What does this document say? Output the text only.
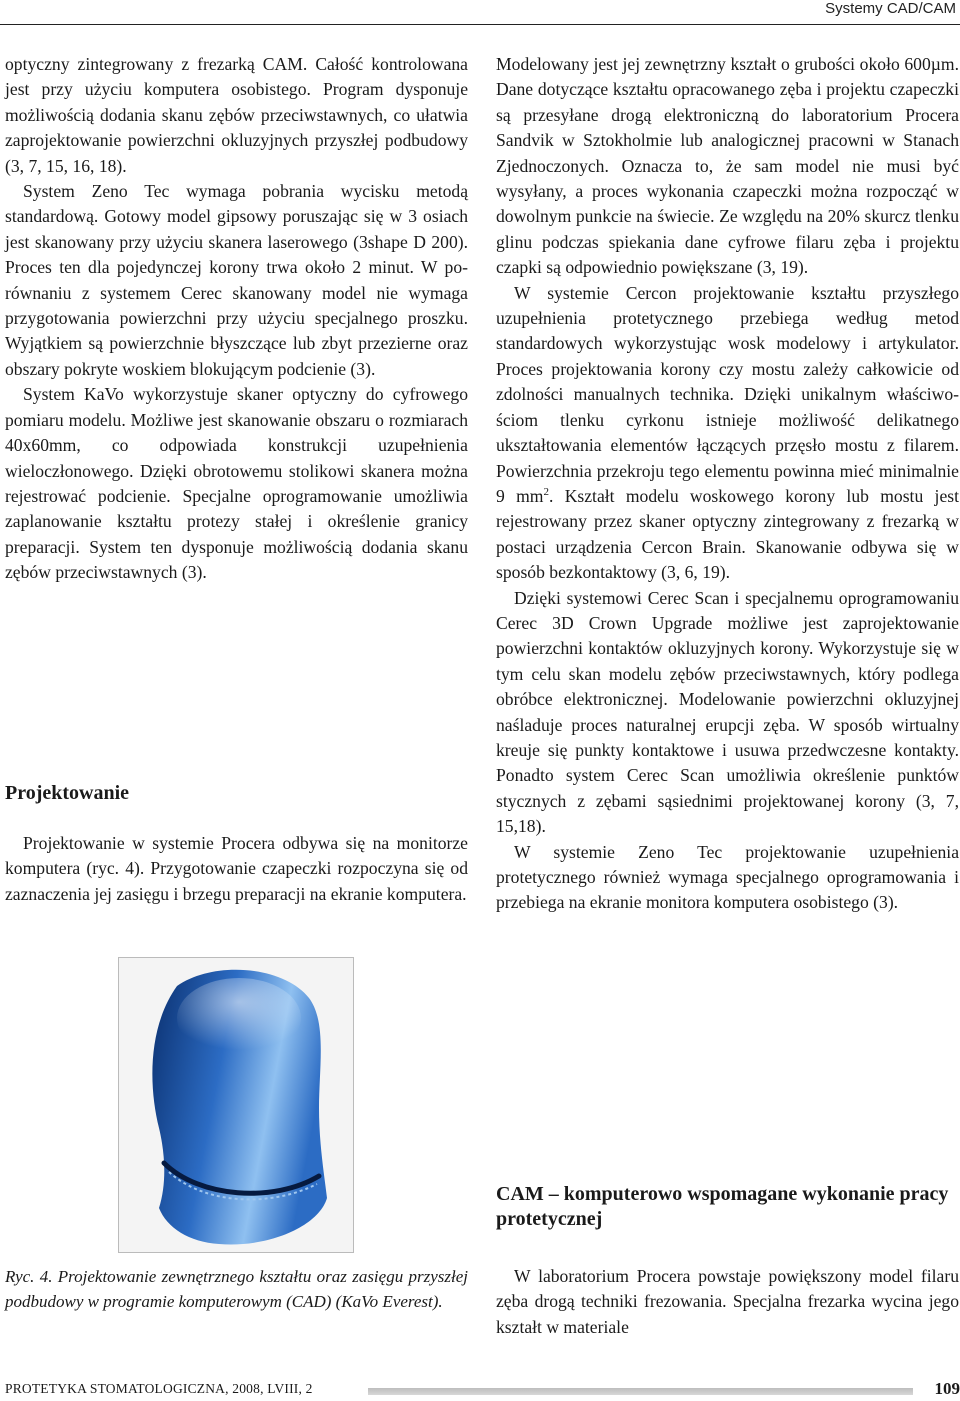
Systemy CAD/CAM

optyczny zintegrowany z frezarką CAM. Całość kontrolowana jest przy użyciu komputera osobistego. Program dysponuje możliwością dodania skanu zębów przeciwstawnych, co ułatwia zaprojektowanie powierzchni okluzyjnych przyszłej podbudowy (3, 7, 15, 16, 18).

System Zeno Tec wymaga pobrania wycisku metodą standardową. Gotowy model gipsowy poruszając się w 3 osiach jest skanowany przy użyciu skanera laserowego (3shape D 200). Proces ten dla pojedynczej korony trwa około 2 minut. W porównaniu z systemem Cerec skanowany model nie wymaga przygotowania powierzchni przy użyciu specjalnego proszku. Wyjątkiem są powierzchnie błyszczące lub zbyt przezierne oraz obszary pokryte woskiem blokującym podcienie (3).

System KaVo wykorzystuje skaner optyczny do cyfrowego pomiaru modelu. Możliwe jest skanowanie obszaru o rozmiarach 40x60mm, co odpowiada konstrukcji uzupełnienia wieloczłonowego. Dzięki obrotowemu stolikowi skanera można rejestrować podcienie. Specjalne oprogramowanie umożliwia zaplanowanie kształtu protezy stałej i określenie granicy preparacji. System ten dysponuje możliwością dodania skanu zębów przeciwstawnych (3).

Projektowanie

Projektowanie w systemie Procera odbywa się na monitorze komputera (ryc. 4). Przygotowanie czapeczki rozpoczyna się od zaznaczenia jej zasięgu i brzegu preparacji na ekranie komputera.

Ryc. 4. Projektowanie zewnętrznego kształtu oraz zasięgu przyszłej podbudowy w programie komputerowym (CAD) (KaVo Everest).

Modelowany jest jej zewnętrzny kształt o grubości około 600µm. Dane dotyczące kształtu opracowanego zęba i projektu czapeczki są przesyłane drogą elektroniczną do laboratorium Procera Sandvik w Sztokholmie lub analogicznej pracowni w Stanach Zjednoczonych. Oznacza to, że sam model nie musi być wysyłany, a proces wykonania czapeczki można rozpocząć w dowolnym punkcie na świecie. Ze względu na 20% skurcz tlenku glinu podczas spiekania dane cyfrowe filaru zęba i projektu czapki są odpowiednio powiększane (3, 19).

W systemie Cercon projektowanie kształtu przyszłego uzupełnienia protetycznego przebiega według metod standardowych wykorzystując wosk modelowy i artykulator. Proces projektowania korony czy mostu zależy całkowicie od zdolności manualnych technika. Dzięki unikalnym właściwościom tlenku cyrkonu istnieje możliwość delikatnego ukształtowania elementów łączących przęsło mostu z filarem. Powierzchnia przekroju tego elementu powinna mieć minimalnie 9 $mm^2$. Kształt modelu woskowego korony lub mostu jest rejestrowany przez skaner optyczny zintegrowany z frezarką w postaci urządzenia Cercon Brain. Skanowanie odbywa się w sposób bezkontaktowy (3, 6, 19).

Dzięki systemowi Cerec Scan i specjalnemu oprogramowaniu Cerec 3D Crown Upgrade możliwe jest zaprojektowanie powierzchni kontaktów okluzyjnych korony. Wykorzystuje się w tym celu skan modelu zębów przeciwstawnych, który podlega obróbce elektronicznej. Modelowanie powierzchni okluzyjnej naśladuje proces naturalnej erupcji zęba. W sposób wirtualny kreuje się punkty kontaktowe i usuwa przedwczesne kontakty. Ponadto system Cerec Scan umożliwia określenie punktów stycznych z zębami sąsiednimi projektowanej korony (3, 7, 15,18).

W systemie Zeno Tec projektowanie uzupełnienia protetycznego również wymaga specjalnego oprogramowania i przebiega na ekranie monitora komputera osobistego (3).

CAM – komputerowo wspomagane wykonanie pracy protetycznej

W laboratorium Procera powstaje powiększony model filaru zęba drogą techniki frezowania. Specjalna frezarka wycina jego kształt w materiale

PROTETYKA STOMATOLOGICZNA, 2008, LVIII, 2	109
